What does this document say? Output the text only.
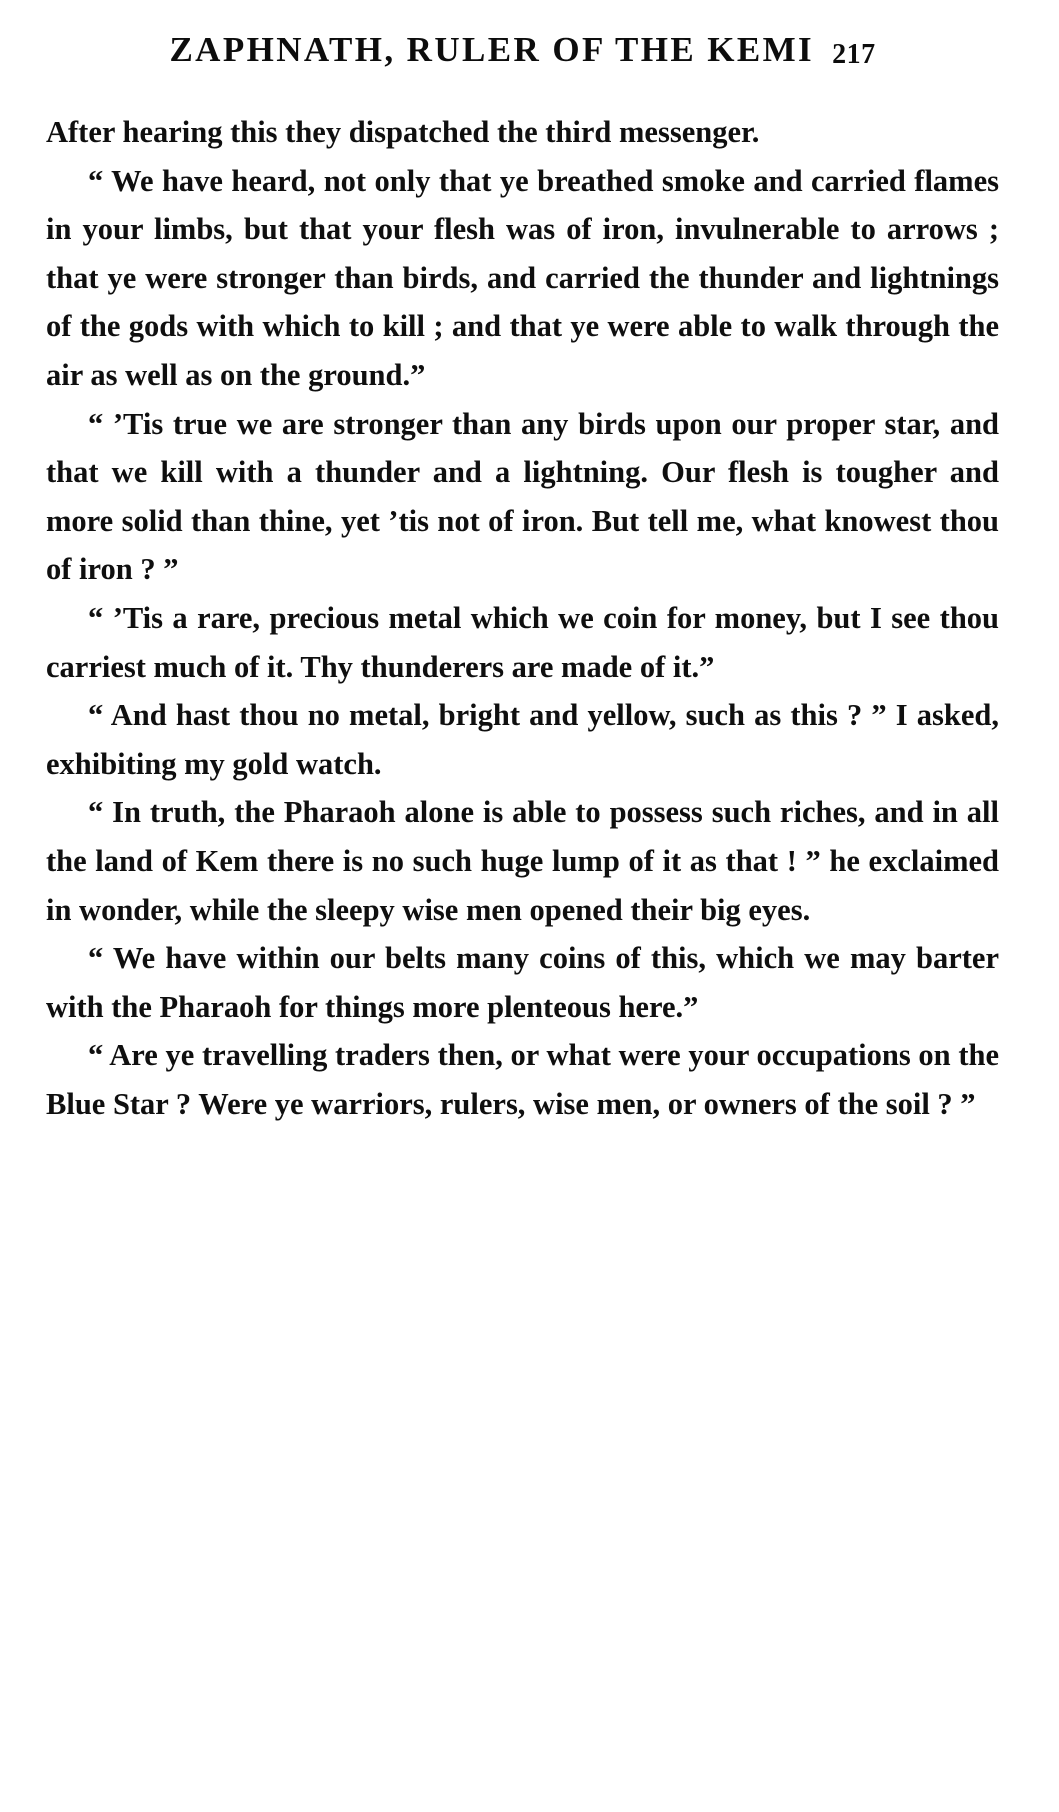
ZAPHNATH, RULER OF THE KEMI 217

After hearing this they dispatched the third messenger.

“ We have heard, not only that ye breathed smoke and carried flames in your limbs, but that your flesh was of iron, invulnerable to arrows ; that ye were stronger than birds, and carried the thunder and lightnings of the gods with which to kill ; and that ye were able to walk through the air as well as on the ground.”

“ ’Tis true we are stronger than any birds upon our proper star, and that we kill with a thunder and a lightning. Our flesh is tougher and more solid than thine, yet ’tis not of iron. But tell me, what knowest thou of iron ? ”

“ ’Tis a rare, precious metal which we coin for money, but I see thou carriest much of it. Thy thunderers are made of it.”

“ And hast thou no metal, bright and yellow, such as this ? ” I asked, exhibiting my gold watch.

“ In truth, the Pharaoh alone is able to possess such riches, and in all the land of Kem there is no such huge lump of it as that ! ” he exclaimed in wonder, while the sleepy wise men opened their big eyes.

“ We have within our belts many coins of this, which we may barter with the Pharaoh for things more plenteous here.”

“ Are ye travelling traders then, or what were your occupations on the Blue Star ? Were ye warriors, rulers, wise men, or owners of the soil ? ”
